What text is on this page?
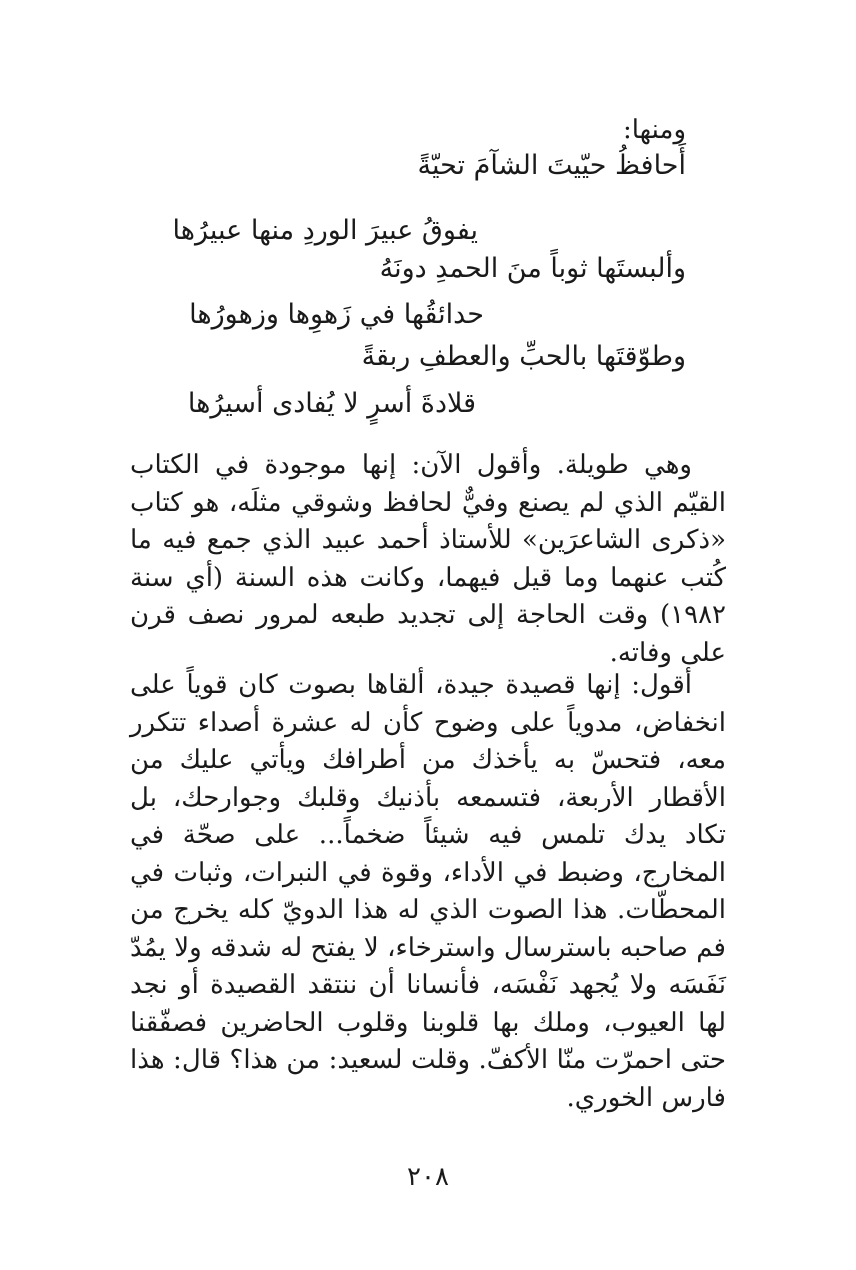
ومنها:
أَحافظُ حيّيتَ الشآمَ تحيّةً
يفوقُ عبيرَ الوردِ منها عبيرُها
وألبستَها ثوباً منَ الحمدِ دونَهُ
حدائقُها في زَهوِها وزهورُها
وطوّقتَها بالحبِّ والعطفِ ربقةً
قلادةَ أسرٍ لا يُفادى أسيرُها

وهي طويلة. وأقول الآن: إنها موجودة في الكتاب القيّم الذي لم يصنع وفيٌّ لحافظ وشوقي مثلَه، هو كتاب «ذكرى الشاعرَين» للأستاذ أحمد عبيد الذي جمع فيه ما كُتب عنهما وما قيل فيهما، وكانت هذه السنة (أي سنة ١٩٨٢) وقت الحاجة إلى تجديد طبعه لمرور نصف قرن على وفاته.

أقول: إنها قصيدة جيدة، ألقاها بصوت كان قوياً على انخفاض، مدوياً على وضوح كأن له عشرة أصداء تتكرر معه، فتحسّ به يأخذك من أطرافك ويأتي عليك من الأقطار الأربعة، فتسمعه بأذنيك وقلبك وجوارحك، بل تكاد يدك تلمس فيه شيئاً ضخماً... على صحّة في المخارج، وضبط في الأداء، وقوة في النبرات، وثبات في المحطّات. هذا الصوت الذي له هذا الدويّ كله يخرج من فم صاحبه باسترسال واسترخاء، لا يفتح له شدقه ولا يمُدّ نَفَسَه ولا يُجهد نَفْسَه، فأنسانا أن ننتقد القصيدة أو نجد لها العيوب، وملك بها قلوبنا وقلوب الحاضرين فصفّقنا حتى احمرّت منّا الأكفّ. وقلت لسعيد: من هذا؟ قال: هذا فارس الخوري.

٢٠٨
